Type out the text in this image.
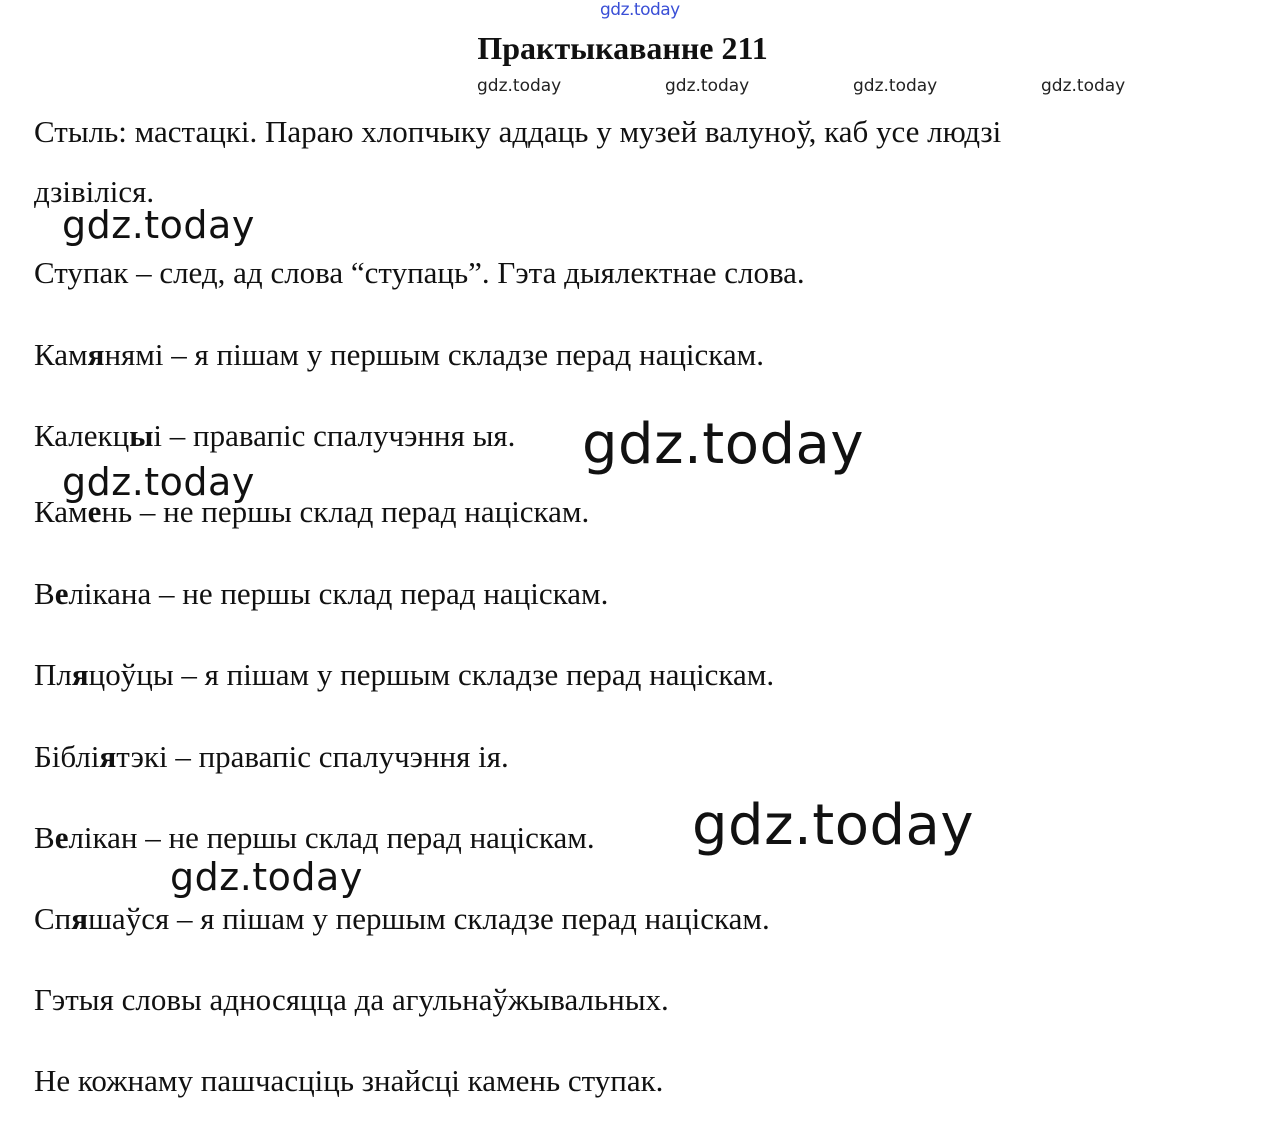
gdz.today
Практыкаванне 211
gdz.today	gdz.today	gdz.today	gdz.today
Стыль: мастацкі. Параю хлопчыку аддаць у музей валуноў, каб усе людзі
дзівіліся.
Ступак – след, ад слова “ступаць”. Гэта дыялектнае слова.
Камянямі – я пішам у першым складзе перад націскам.
Калекцыі – правапіс спалучэння ыя.
Камень – не першы склад перад націскам.
Велікана – не першы склад перад націскам.
Пляцоўцы – я пішам у першым складзе перад націскам.
Бібліятэкі – правапіс спалучэння ія.
Велікан – не першы склад перад націскам.
Спяшаўся – я пішам у першым складзе перад націскам.
Гэтыя словы адносяцца да агульнаўжывальных.
Не кожнаму пашчасціць знайсці камень ступак.
gdz.today
gdz.today
gdz.today
gdz.today
gdz.today
